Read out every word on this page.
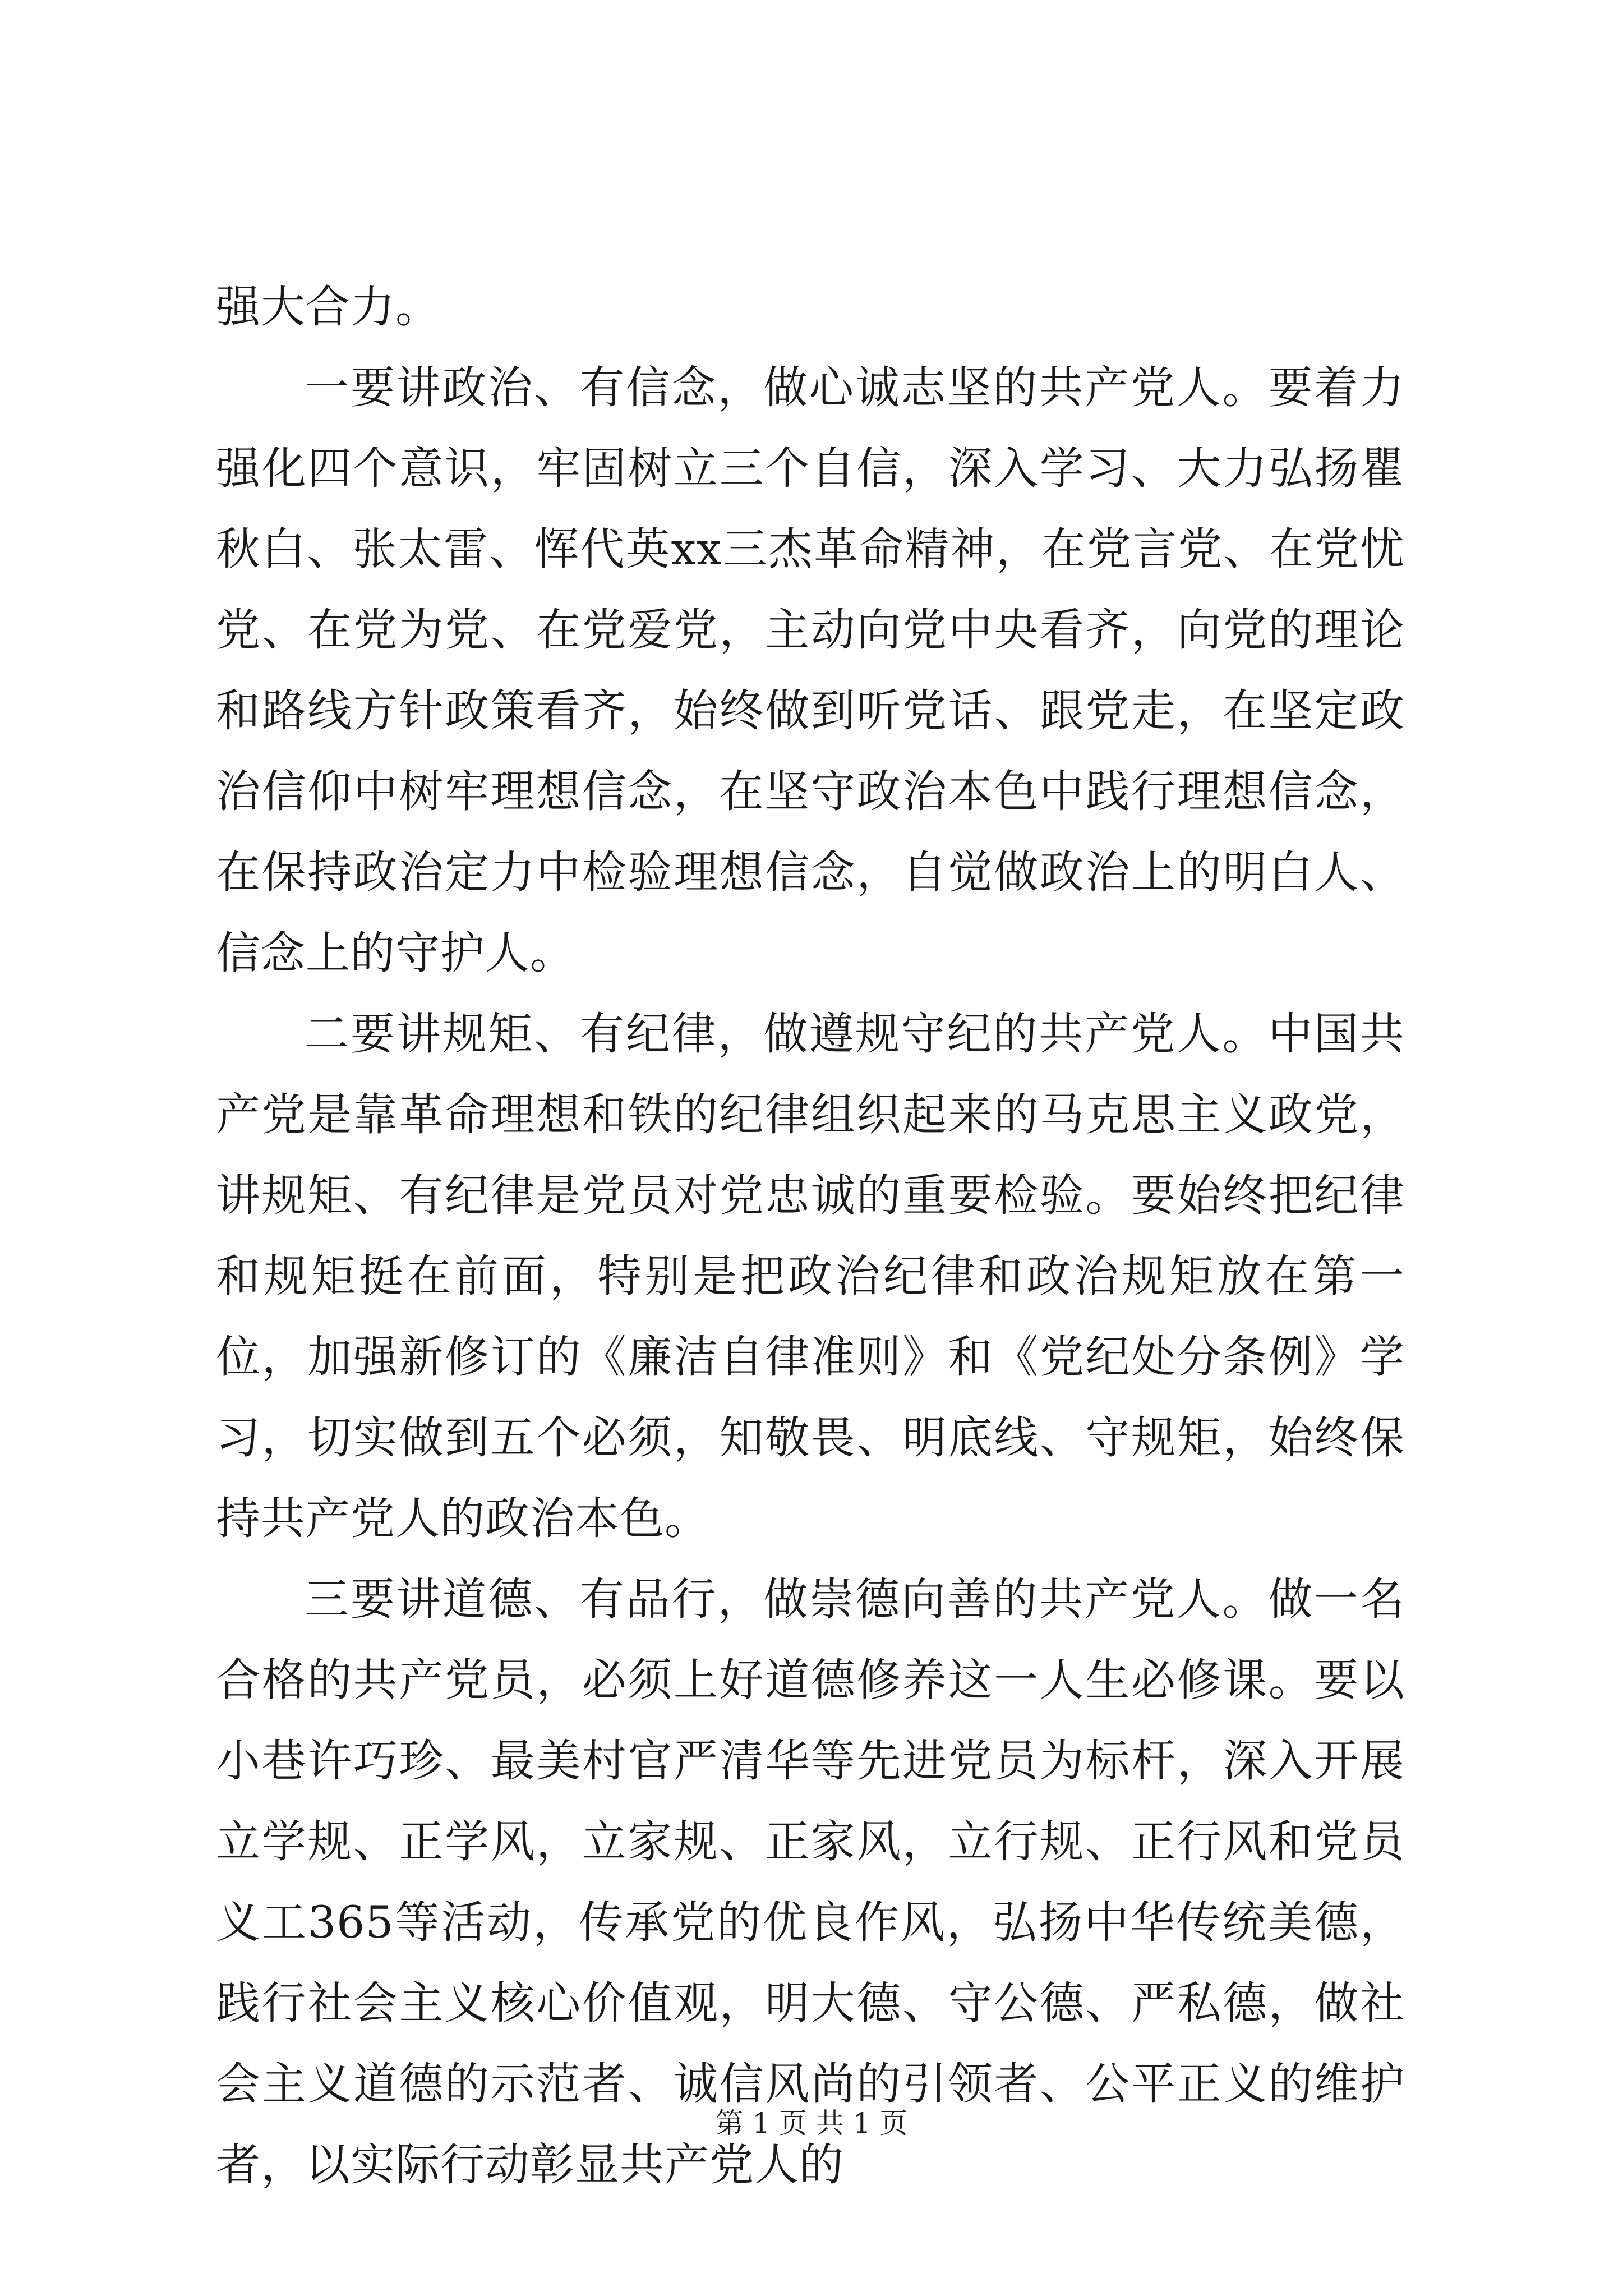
强大合力。

一要讲政治、有信念，做心诚志坚的共产党人。要着力强化四个意识，牢固树立三个自信，深入学习、大力弘扬瞿秋白、张太雷、恽代英xx三杰革命精神，在党言党、在党忧党、在党为党、在党爱党，主动向党中央看齐，向党的理论和路线方针政策看齐，始终做到听党话、跟党走，在坚定政治信仰中树牢理想信念，在坚守政治本色中践行理想信念，在保持政治定力中检验理想信念，自觉做政治上的明白人、信念上的守护人。

二要讲规矩、有纪律，做遵规守纪的共产党人。中国共产党是靠革命理想和铁的纪律组织起来的马克思主义政党，讲规矩、有纪律是党员对党忠诚的重要检验。要始终把纪律和规矩挺在前面，特别是把政治纪律和政治规矩放在第一位，加强新修订的《廉洁自律准则》和《党纪处分条例》学习，切实做到五个必须，知敬畏、明底线、守规矩，始终保持共产党人的政治本色。

三要讲道德、有品行，做崇德向善的共产党人。做一名合格的共产党员，必须上好道德修养这一人生必修课。要以小巷许巧珍、最美村官严清华等先进党员为标杆，深入开展立学规、正学风，立家规、正家风，立行规、正行风和党员义工365等活动，传承党的优良作风，弘扬中华传统美德，践行社会主义核心价值观，明大德、守公德、严私德，做社会主义道德的示范者、诚信风尚的引领者、公平正义的维护者，以实际行动彰显共产党人的

第 1 页 共 1 页
